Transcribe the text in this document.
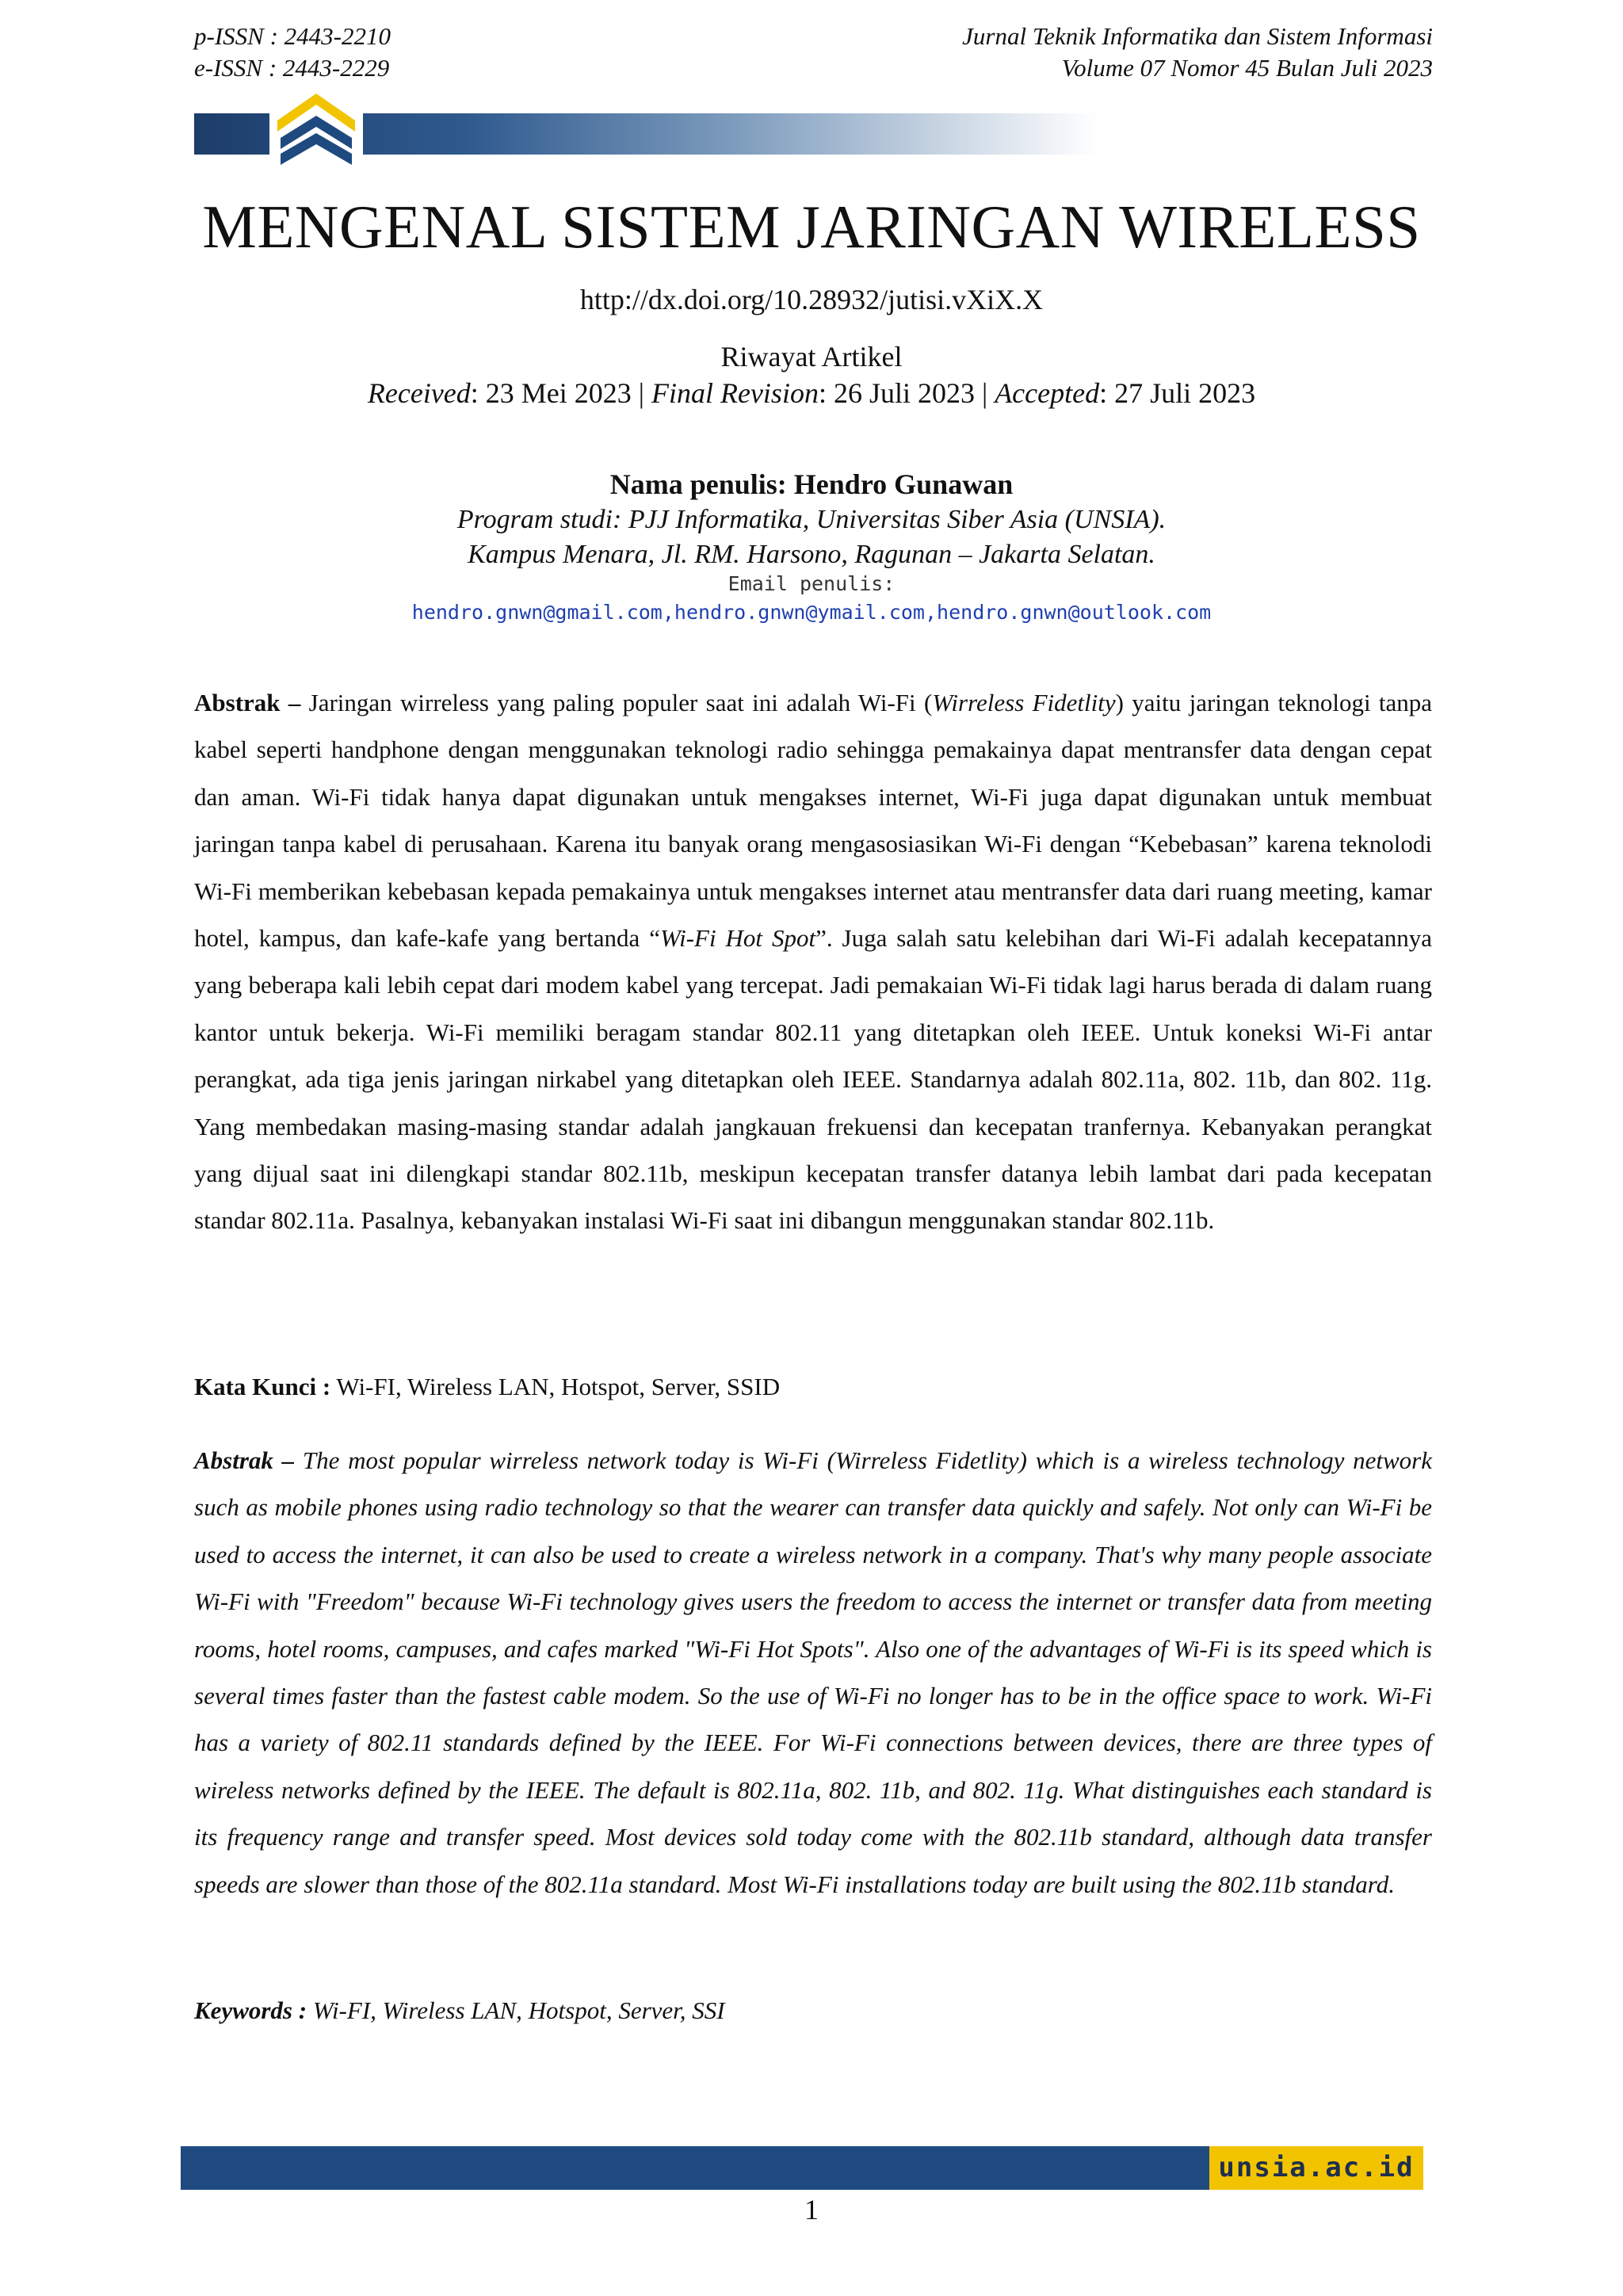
p-ISSN : 2443-2210
e-ISSN : 2443-2229
Jurnal Teknik Informatika dan Sistem Informasi
Volume 07 Nomor 45 Bulan Juli 2023
MENGENAL SISTEM JARINGAN WIRELESS
http://dx.doi.org/10.28932/jutisi.vXiX.X
Riwayat Artikel
Received: 23 Mei 2023 | Final Revision: 26 Juli 2023 | Accepted: 27 Juli 2023
Nama penulis: Hendro Gunawan
Program studi: PJJ Informatika, Universitas Siber Asia (UNSIA).
Kampus Menara, Jl. RM. Harsono, Ragunan – Jakarta Selatan.
Email penulis:
hendro.gnwn@gmail.com,hendro.gnwn@ymail.com,hendro.gnwn@outlook.com

Abstrak – Jaringan wirreless yang paling populer saat ini adalah Wi-Fi (Wirreless Fidetlity) yaitu jaringan teknologi tanpa kabel seperti handphone dengan menggunakan teknologi radio sehingga pemakainya dapat mentransfer data dengan cepat dan aman. Wi-Fi tidak hanya dapat digunakan untuk mengakses internet, Wi-Fi juga dapat digunakan untuk membuat jaringan tanpa kabel di perusahaan. Karena itu banyak orang mengasosiasikan Wi-Fi dengan “Kebebasan” karena teknolodi Wi-Fi memberikan kebebasan kepada pemakainya untuk mengakses internet atau mentransfer data dari ruang meeting, kamar hotel, kampus, dan kafe-kafe yang bertanda “Wi-Fi Hot Spot”. Juga salah satu kelebihan dari Wi-Fi adalah kecepatannya yang beberapa kali lebih cepat dari modem kabel yang tercepat. Jadi pemakaian Wi-Fi tidak lagi harus berada di dalam ruang kantor untuk bekerja. Wi-Fi memiliki beragam standar 802.11 yang ditetapkan oleh IEEE. Untuk koneksi Wi-Fi antar perangkat, ada tiga jenis jaringan nirkabel yang ditetapkan oleh IEEE. Standarnya adalah 802.11a, 802. 11b, dan 802. 11g. Yang membedakan masing-masing standar adalah jangkauan frekuensi dan kecepatan tranfernya. Kebanyakan perangkat yang dijual saat ini dilengkapi standar 802.11b, meskipun kecepatan transfer datanya lebih lambat dari pada kecepatan standar 802.11a. Pasalnya, kebanyakan instalasi Wi-Fi saat ini dibangun menggunakan standar 802.11b.

Kata Kunci : Wi-FI, Wireless LAN, Hotspot, Server, SSID

Abstrak – The most popular wirreless network today is Wi-Fi (Wirreless Fidetlity) which is a wireless technology network such as mobile phones using radio technology so that the wearer can transfer data quickly and safely. Not only can Wi-Fi be used to access the internet, it can also be used to create a wireless network in a company. That's why many people associate Wi-Fi with "Freedom" because Wi-Fi technology gives users the freedom to access the internet or transfer data from meeting rooms, hotel rooms, campuses, and cafes marked "Wi-Fi Hot Spots". Also one of the advantages of Wi-Fi is its speed which is several times faster than the fastest cable modem. So the use of Wi-Fi no longer has to be in the office space to work. Wi-Fi has a variety of 802.11 standards defined by the IEEE. For Wi-Fi connections between devices, there are three types of wireless networks defined by the IEEE. The default is 802.11a, 802. 11b, and 802. 11g. What distinguishes each standard is its frequency range and transfer speed. Most devices sold today come with the 802.11b standard, although data transfer speeds are slower than those of the 802.11a standard. Most Wi-Fi installations today are built using the 802.11b standard.

Keywords : Wi-FI, Wireless LAN, Hotspot, Server, SSI

unsia.ac.id
1
